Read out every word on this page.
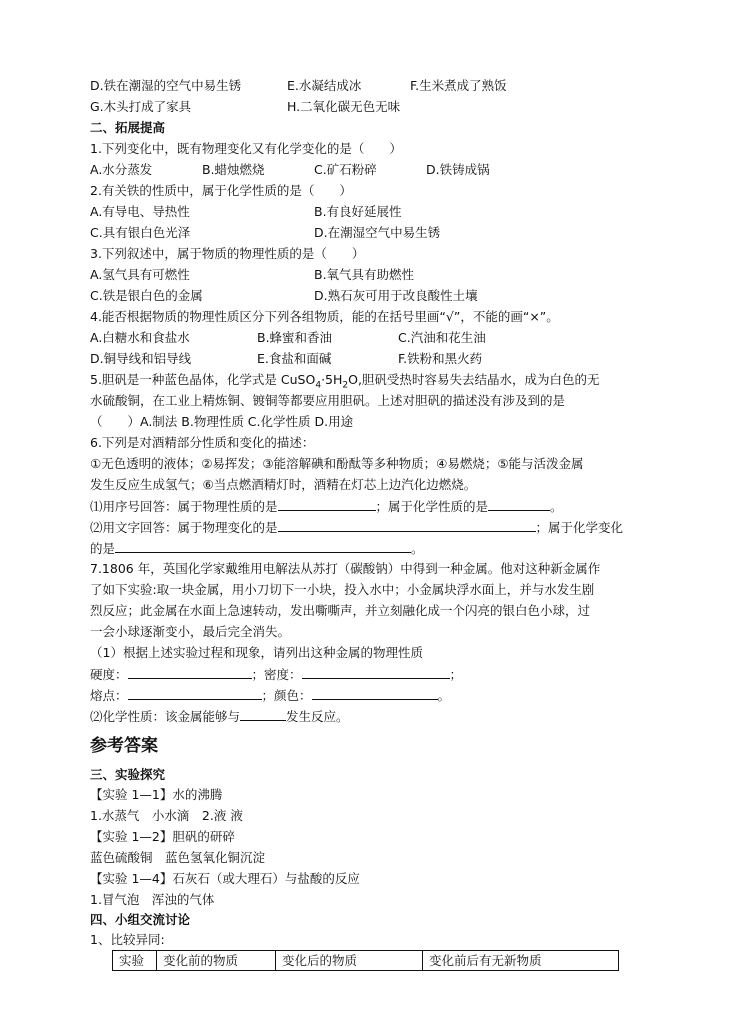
D.铁在潮湿的空气中易生锈	E.水凝结成冰	F.生米煮成了熟饭
G.木头打成了家具	H.二氧化碳无色无味
二、拓展提高
1.下列变化中，既有物理变化又有化学变化的是（　　）
A.水分蒸发	B.蜡烛燃烧	C.矿石粉碎	D.铁铸成锅
2.有关铁的性质中，属于化学性质的是（　　）
A.有导电、导热性	B.有良好延展性
C.具有银白色光泽	D.在潮湿空气中易生锈
3.下列叙述中，属于物质的物理性质的是（　　）
A.氢气具有可燃性	B.氧气具有助燃性
C.铁是银白色的金属	D.熟石灰可用于改良酸性土壤
4.能否根据物质的物理性质区分下列各组物质，能的在括号里画“√”，不能的画“×”。
A.白糖水和食盐水	B.蜂蜜和香油	C.汽油和花生油
D.铜导线和铝导线	E.食盐和面碱	F.铁粉和黑火药
5.胆矾是一种蓝色晶体，化学式是 $CuSO_4\cdot 5H_2O$,胆矾受热时容易失去结晶水，成为白色的无
水硫酸铜，在工业上精炼铜、镀铜等都要应用胆矾。上述对胆矾的描述没有涉及到的是
（　　）A.制法 B.物理性质 C.化学性质 D.用途
6.下列是对酒精部分性质和变化的描述：
①无色透明的液体；②易挥发；③能溶解碘和酚酞等多种物质；④易燃烧；⑤能与活泼金属
发生反应生成氢气；⑥当点燃酒精灯时，酒精在灯芯上边汽化边燃烧。
⑴用序号回答：属于物理性质的是	；属于化学性质的是	。
⑵用文字回答：属于物理变化的是	；属于化学变化
的是	。
7.1806 年，英国化学家戴维用电解法从苏打（碳酸钠）中得到一种金属。他对这种新金属作
了如下实验:取一块金属，用小刀切下一小块，投入水中；小金属块浮水面上，并与水发生剧
烈反应；此金属在水面上急速转动，发出嘶嘶声，并立刻融化成一个闪亮的银白色小球，过
一会小球逐渐变小，最后完全消失。
（1）根据上述实验过程和现象，请列出这种金属的物理性质
硬度：	；密度：	；
熔点：	；颜色：	。
⑵化学性质：该金属能够与	发生反应。
参考答案
三、实验探究
【实验 1—1】水的沸腾
1.水蒸气　小水滴　2.液 液
【实验 1—2】胆矾的研碎
蓝色硫酸铜　蓝色氢氧化铜沉淀
【实验 1—4】石灰石（或大理石）与盐酸的反应
1.冒气泡　浑浊的气体
四、小组交流讨论
1、比较异同:
实验	变化前的物质	变化后的物质	变化前后有无新物质
